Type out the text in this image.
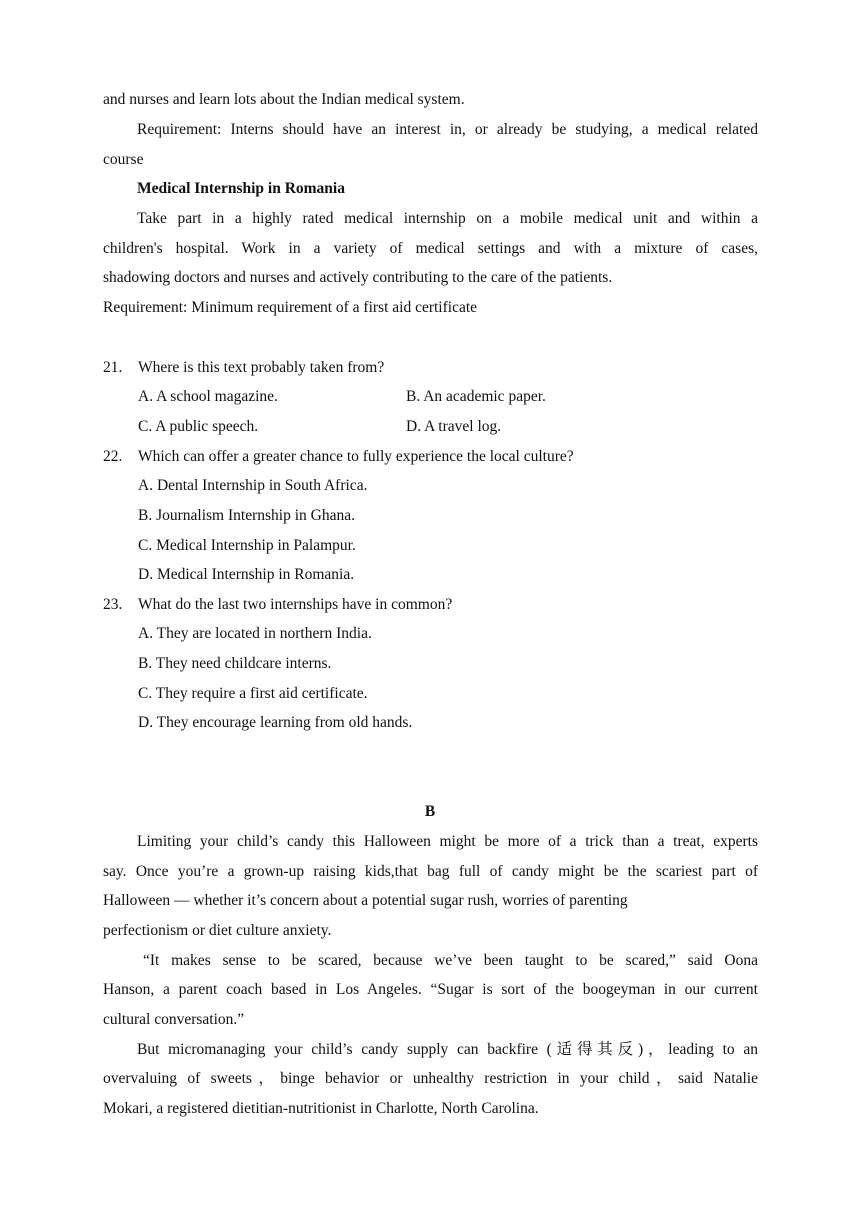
and nurses and learn lots about the Indian medical system.
Requirement: Interns should have an interest in, or already be studying, a medical related
course
Medical Internship in Romania
Take part in a highly rated medical internship on a mobile medical unit and within a
children's hospital. Work in a variety of medical settings and with a mixture of cases,
shadowing doctors and nurses and actively contributing to the care of the patients.
Requirement: Minimum requirement of a first aid certificate
21. Where is this text probably taken from?
A. A school magazine.	B. An academic paper.
C. A public speech.	D. A travel log.
22. Which can offer a greater chance to fully experience the local culture?
A. Dental Internship in South Africa.
B. Journalism Internship in Ghana.
C. Medical Internship in Palampur.
D. Medical Internship in Romania.
23. What do the last two internships have in common?
A. They are located in northern India.
B. They need childcare interns.
C. They require a first aid certificate.
D. They encourage learning from old hands.
B
Limiting your child’s candy this Halloween might be more of a trick than a treat, experts
say. Once you’re a grown-up raising kids,that bag full of candy might be the scariest part of
Halloween — whether it’s concern about a potential sugar rush, worries of parenting
perfectionism or diet culture anxiety.
“It makes sense to be scared, because we’ve been taught to be scared,” said Oona
Hanson, a parent coach based in Los Angeles. “Sugar is sort of the boogeyman in our current
cultural conversation.”
But micromanaging your child’s candy supply can backfire (适得其反)，leading to an
overvaluing of sweets，binge behavior or unhealthy restriction in your child，said Natalie
Mokari, a registered dietitian-nutritionist in Charlotte, North Carolina.
